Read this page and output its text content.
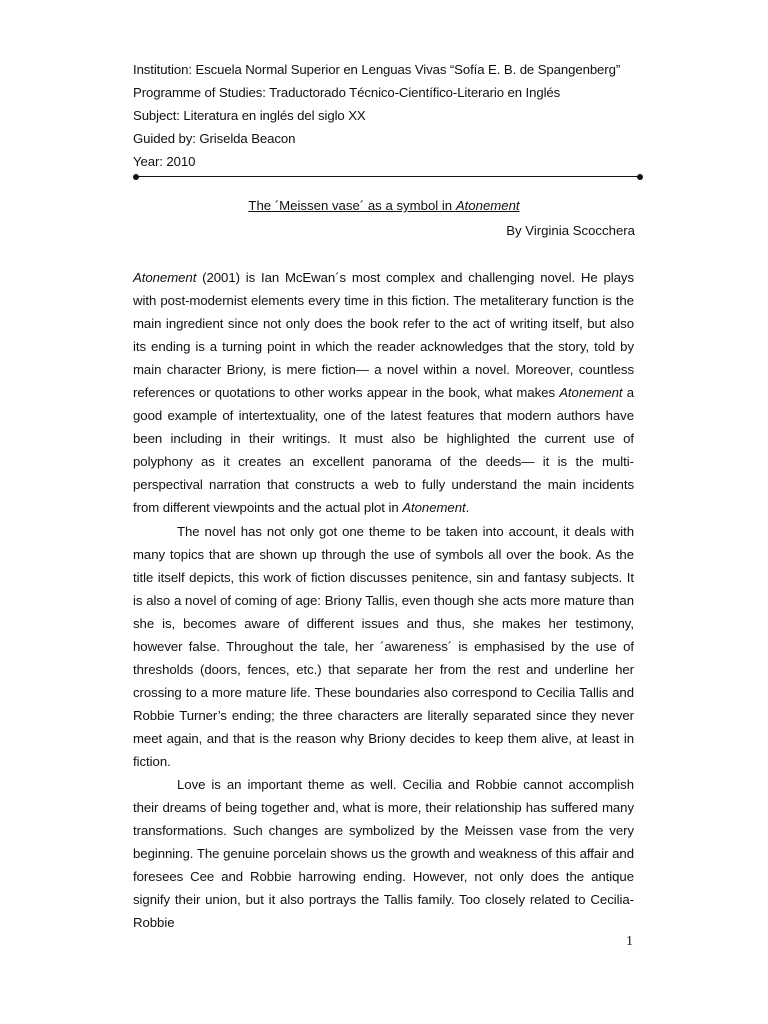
Institution: Escuela Normal Superior en Lenguas Vivas “Sofía E. B. de Spangenberg”
Programme of Studies: Traductorado Técnico-Científico-Literario en Inglés
Subject: Literatura en inglés del siglo XX
Guided by: Griselda Beacon
Year: 2010
The ´Meissen vase´ as a symbol in Atonement
By Virginia Scocchera

Atonement (2001) is Ian McEwan´s most complex and challenging novel. He plays with post-modernist elements every time in this fiction. The metaliterary function is the main ingredient since not only does the book refer to the act of writing itself, but also its ending is a turning point in which the reader acknowledges that the story, told by main character Briony, is mere fiction— a novel within a novel. Moreover, countless references or quotations to other works appear in the book, what makes Atonement a good example of intertextuality, one of the latest features that modern authors have been including in their writings. It must also be highlighted the current use of polyphony as it creates an excellent panorama of the deeds— it is the multi-perspectival narration that constructs a web to fully understand the main incidents from different viewpoints and the actual plot in Atonement.

The novel has not only got one theme to be taken into account, it deals with many topics that are shown up through the use of symbols all over the book. As the title itself depicts, this work of fiction discusses penitence, sin and fantasy subjects. It is also a novel of coming of age: Briony Tallis, even though she acts more mature than she is, becomes aware of different issues and thus, she makes her testimony, however false. Throughout the tale, her ´awareness´ is emphasised by the use of thresholds (doors, fences, etc.) that separate her from the rest and underline her crossing to a more mature life. These boundaries also correspond to Cecilia Tallis and Robbie Turner’s ending; the three characters are literally separated since they never meet again, and that is the reason why Briony decides to keep them alive, at least in fiction.

Love is an important theme as well. Cecilia and Robbie cannot accomplish their dreams of being together and, what is more, their relationship has suffered many transformations. Such changes are symbolized by the Meissen vase from the very beginning. The genuine porcelain shows us the growth and weakness of this affair and foresees Cee and Robbie harrowing ending. However, not only does the antique signify their union, but it also portrays the Tallis family. Too closely related to Cecilia-Robbie

1
